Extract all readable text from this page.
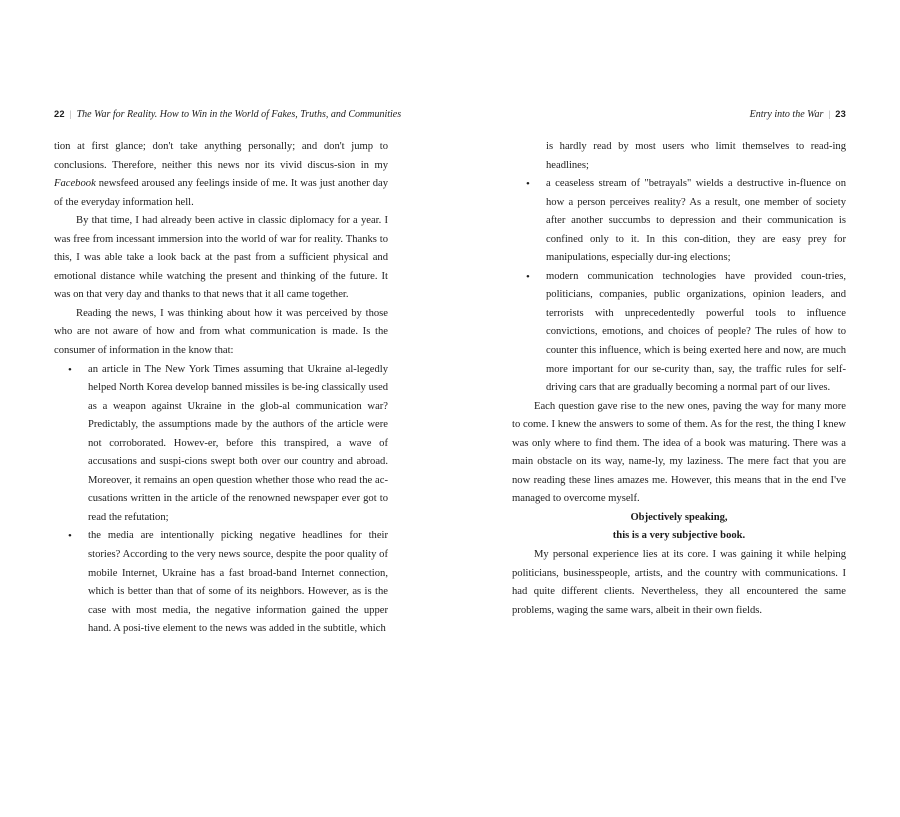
22 | The War for Reality. How to Win in the World of Fakes, Truths, and Communities	Entry into the War | 23

tion at first glance; don't take anything personally; and don't jump to conclusions. Therefore, neither this news nor its vivid discus-sion in my Facebook newsfeed aroused any feelings inside of me. It was just another day of the everyday information hell.

By that time, I had already been active in classic diplomacy for a year. I was free from incessant immersion into the world of war for reality. Thanks to this, I was able take a look back at the past from a sufficient physical and emotional distance while watching the present and thinking of the future. It was on that very day and thanks to that news that it all came together.

Reading the news, I was thinking about how it was perceived by those who are not aware of how and from what communication is made. Is the consumer of information in the know that:

• an article in The New York Times assuming that Ukraine al-legedly helped North Korea develop banned missiles is be-ing classically used as a weapon against Ukraine in the glob-al communication war? Predictably, the assumptions made by the authors of the article were not corroborated. Howev-er, before this transpired, a wave of accusations and suspi-cions swept both over our country and abroad. Moreover, it remains an open question whether those who read the ac-cusations written in the article of the renowned newspaper ever got to read the refutation;
• the media are intentionally picking negative headlines for their stories? According to the very news source, despite the poor quality of mobile Internet, Ukraine has a fast broad-band Internet connection, which is better than that of some of its neighbors. However, as is the case with most media, the negative information gained the upper hand. A posi-tive element to the news was added in the subtitle, which
is hardly read by most users who limit themselves to read-ing headlines;
• a ceaseless stream of "betrayals" wields a destructive in-fluence on how a person perceives reality? As a result, one member of society after another succumbs to depression and their communication is confined only to it. In this con-dition, they are easy prey for manipulations, especially dur-ing elections;
• modern communication technologies have provided coun-tries, politicians, companies, public organizations, opinion leaders, and terrorists with unprecedentedly powerful tools to influence convictions, emotions, and choices of people? The rules of how to counter this influence, which is being exerted here and now, are much more important for our se-curity than, say, the traffic rules for self-driving cars that are gradually becoming a normal part of our lives.

Each question gave rise to the new ones, paving the way for many more to come. I knew the answers to some of them. As for the rest, the thing I knew was only where to find them. The idea of a book was maturing. There was a main obstacle on its way, name-ly, my laziness. The mere fact that you are now reading these lines amazes me. However, this means that in the end I've managed to overcome myself.

Objectively speaking,
this is a very subjective book.

My personal experience lies at its core. I was gaining it while helping politicians, businesspeople, artists, and the country with communications. I had quite different clients. Nevertheless, they all encountered the same problems, waging the same wars, albeit in their own fields.
